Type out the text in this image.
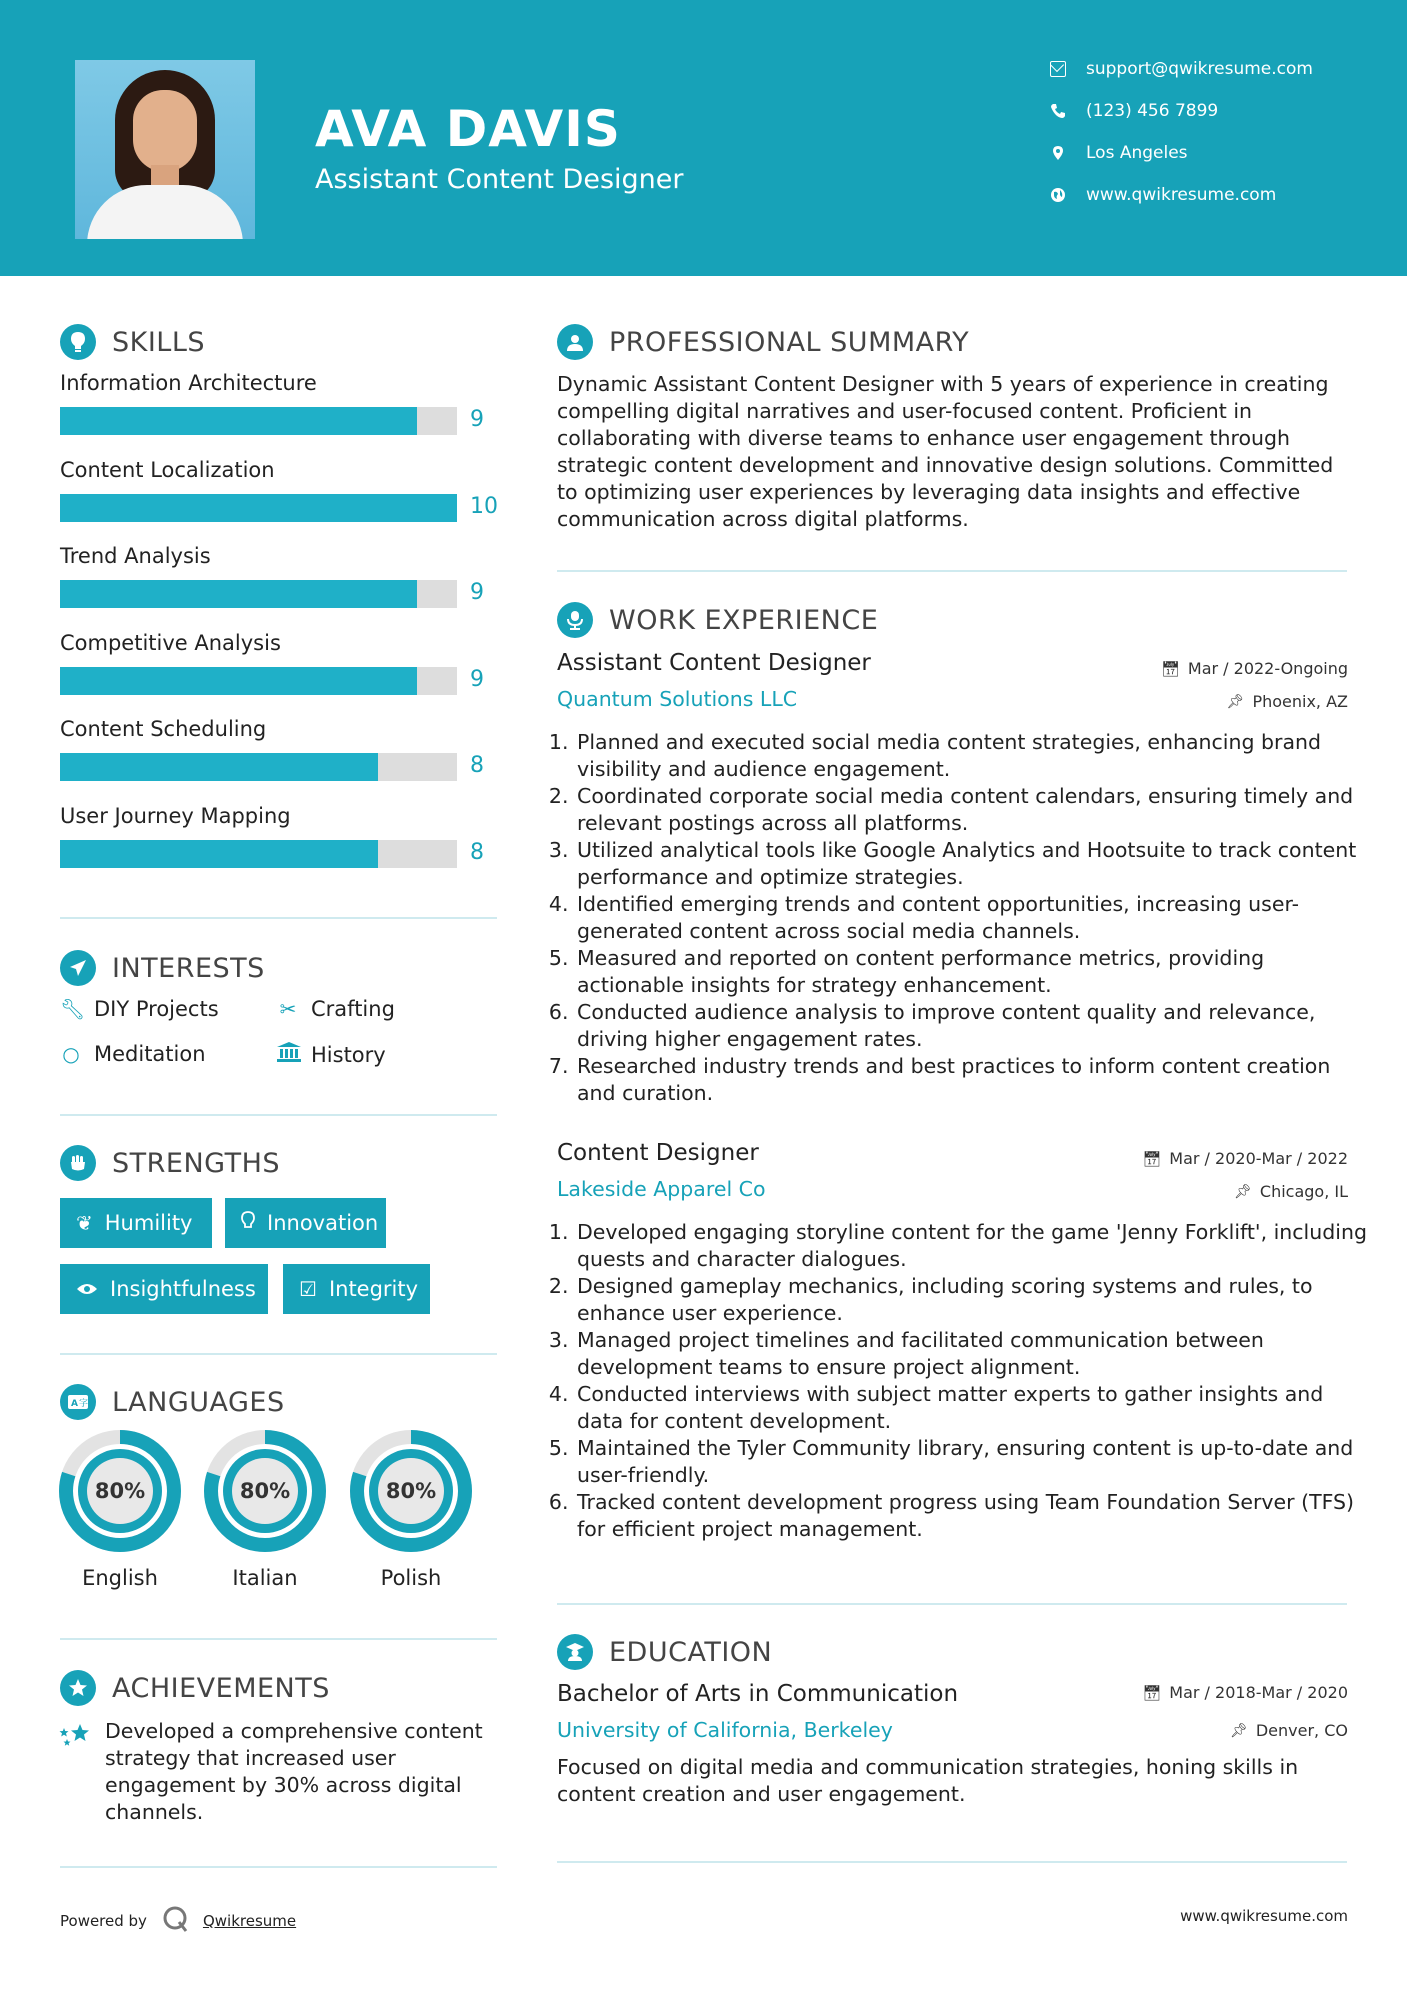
AVA DAVIS
Assistant Content Designer
support@qwikresume.com
(123) 456 7899
Los Angeles
www.qwikresume.com
SKILLS
Information Architecture
9
Content Localization
10
Trend Analysis
9
Competitive Analysis
9
Content Scheduling
8
User Journey Mapping
8
INTERESTS
🔧︎ DIY Projects	✂ Crafting
○ Meditation	History
STRENGTHS
❦ Humility	Innovation
Insightfulness ☑ Integrity
A 字 LANGUAGES
80%
English
80%
Italian
80%
Polish
ACHIEVEMENTS
Developed a comprehensive content strategy that increased user engagement by 30% across digital channels.
PROFESSIONAL SUMMARY
Dynamic Assistant Content Designer with 5 years of experience in creating compelling digital narratives and user-focused content. Proficient in collaborating with diverse teams to enhance user engagement through strategic content development and innovative design solutions. Committed to optimizing user experiences by leveraging data insights and effective communication across digital platforms.
WORK EXPERIENCE
Assistant Content Designer	📅︎ Mar / 2022-Ongoing
Quantum Solutions LLC	📌︎ Phoenix, AZ
1. Planned and executed social media content strategies, enhancing brand visibility and audience engagement.
2. Coordinated corporate social media content calendars, ensuring timely and relevant postings across all platforms.
3. Utilized analytical tools like Google Analytics and Hootsuite to track content performance and optimize strategies.
4. Identified emerging trends and content opportunities, increasing user-generated content across social media channels.
5. Measured and reported on content performance metrics, providing actionable insights for strategy enhancement.
6. Conducted audience analysis to improve content quality and relevance, driving higher engagement rates.
7. Researched industry trends and best practices to inform content creation and curation.
Content Designer	📅︎ Mar / 2020-Mar / 2022
Lakeside Apparel Co	📌︎ Chicago, IL
1. Developed engaging storyline content for the game 'Jenny Forklift', including quests and character dialogues.
2. Designed gameplay mechanics, including scoring systems and rules, to enhance user experience.
3. Managed project timelines and facilitated communication between development teams to ensure project alignment.
4. Conducted interviews with subject matter experts to gather insights and data for content development.
5. Maintained the Tyler Community library, ensuring content is up-to-date and user-friendly.
6. Tracked content development progress using Team Foundation Server (TFS) for efficient project management.
EDUCATION
Bachelor of Arts in Communication	📅︎ Mar / 2018-Mar / 2020
University of California, Berkeley	📌︎ Denver, CO
Focused on digital media and communication strategies, honing skills in content creation and user engagement.
Powered by	Qwikresume	www.qwikresume.com
